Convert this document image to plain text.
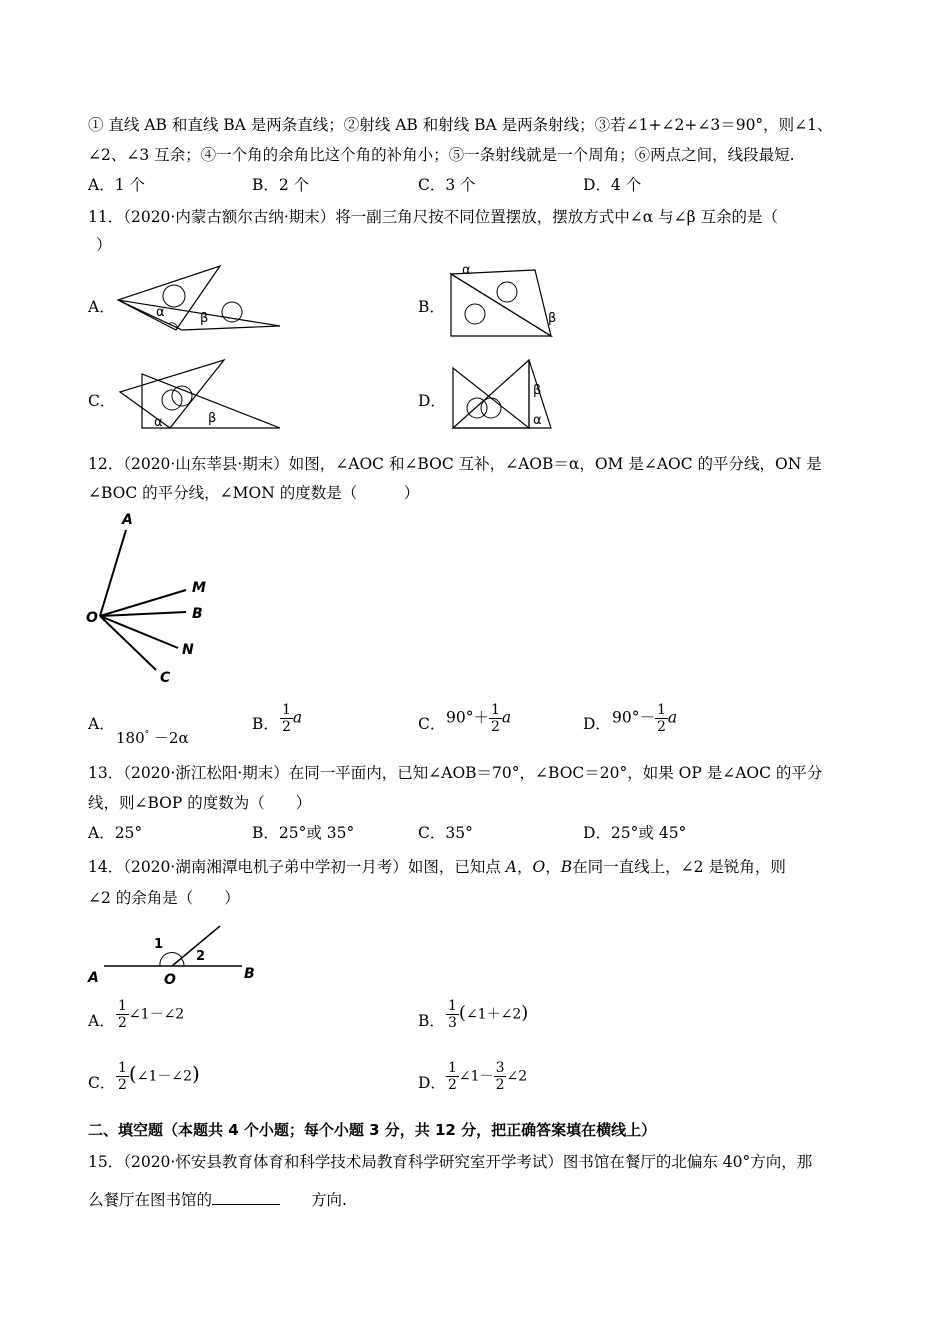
① 直线 AB 和直线 BA 是两条直线；②射线 AB 和射线 BA 是两条射线；③若∠1+∠2+∠3＝90°，则∠1、
∠2、∠3 互余；④一个角的余角比这个角的补角小；⑤一条射线就是一个周角；⑥两点之间，线段最短.
A．1 个	B．2 个	C．3 个	D．4 个
11．（2020·内蒙古额尔古纳·期末）将一副三角尺按不同位置摆放，摆放方式中∠α 与∠β 互余的是（
）
A．	α	β
B．
α
β
C．
α	β
D．
β
α
12．（2020·山东莘县·期末）如图，∠AOC 和∠BOC 互补，∠AOB＝α，OM 是∠AOC 的平分线，ON 是
∠BOC 的平分线，∠MON 的度数是（　　　）
A
M
O	B
N
C
A．
180° －2α
B． $\frac{1}{2}$ a	C． $90^\circ+ \frac{1}{2}$ a	D． $90^\circ- \frac{1}{2}$ a
13．（2020·浙江松阳·期末）在同一平面内，已知∠AOB＝70°，∠BOC＝20°，如果 OP 是∠AOC 的平分
线，则∠BOP 的度数为（　　）
A．25°	B．25°或 35°	C．35°	D．25°或 45°
14．（2020·湖南湘潭电机子弟中学初一月考）如图，已知点 A，O，B在同一直线上，∠2 是锐角，则
∠2 的余角是（　　）
1
2
A	O	B
A． $\frac{1}{2}$ ∠1－∠2	B． $\frac{1}{3}$ (∠1＋∠2)
C． $\frac{1}{2}$ (∠1－∠2)	D． $\frac{1}{2}$ ∠1－ $\frac{3}{2}$ ∠2
二、填空题（本题共 4 个小题；每个小题 3 分，共 12 分，把正确答案填在横线上）
15．（2020·怀安县教育体育和科学技术局教育科学研究室开学考试）图书馆在餐厅的北偏东 40°方向，那
么餐厅在图书馆的　　	方向.
